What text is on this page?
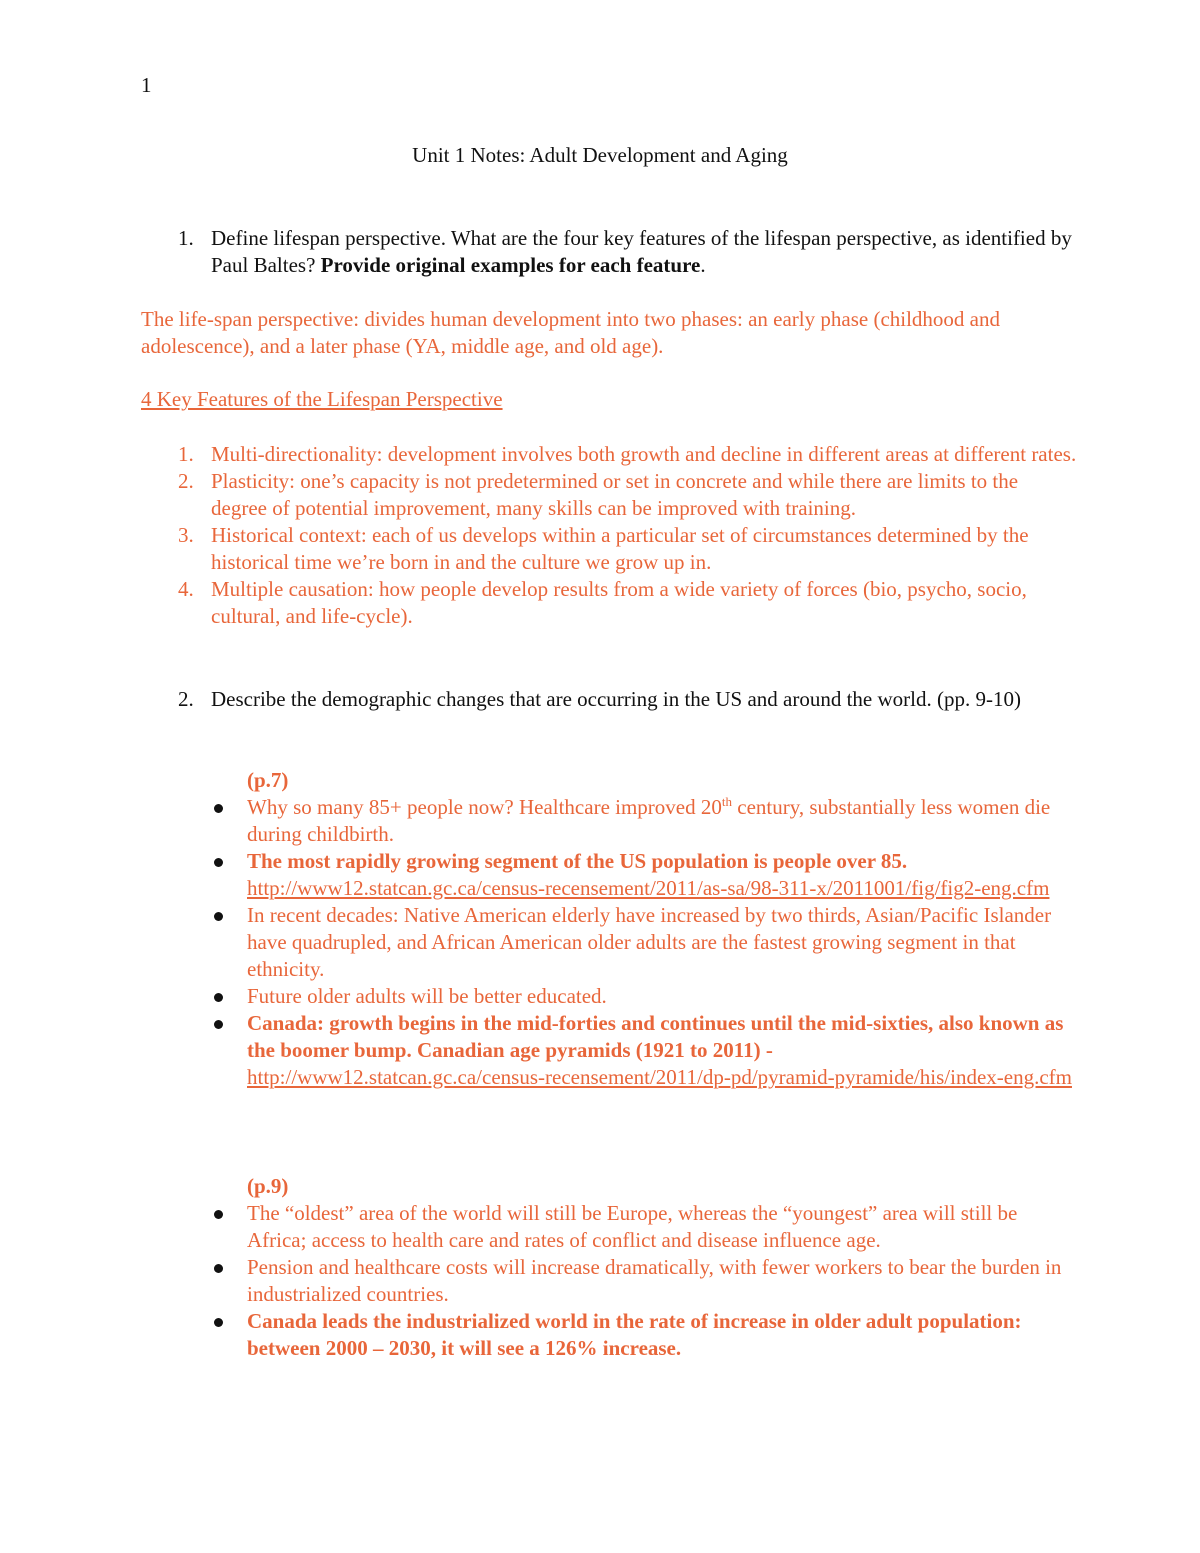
1
Unit 1 Notes: Adult Development and Aging
1. Define lifespan perspective. What are the four key features of the lifespan perspective, as identified by Paul Baltes? Provide original examples for each feature.
The life-span perspective: divides human development into two phases: an early phase (childhood and adolescence), and a later phase (YA, middle age, and old age).
4 Key Features of the Lifespan Perspective
1. Multi-directionality: development involves both growth and decline in different areas at different rates.
2. Plasticity: one’s capacity is not predetermined or set in concrete and while there are limits to the degree of potential improvement, many skills can be improved with training.
3. Historical context: each of us develops within a particular set of circumstances determined by the historical time we’re born in and the culture we grow up in.
4. Multiple causation: how people develop results from a wide variety of forces (bio, psycho, socio, cultural, and life-cycle).
2. Describe the demographic changes that are occurring in the US and around the world. (pp. 9-10)
(p.7)
Why so many 85+ people now? Healthcare improved 20th century, substantially less women die during childbirth.
The most rapidly growing segment of the US population is people over 85.
http://www12.statcan.gc.ca/census-recensement/2011/as-sa/98-311-x/2011001/fig/fig2-eng.cfm
In recent decades: Native American elderly have increased by two thirds, Asian/Pacific Islander have quadrupled, and African American older adults are the fastest growing segment in that ethnicity.
Future older adults will be better educated.
Canada: growth begins in the mid-forties and continues until the mid-sixties, also known as the boomer bump. Canadian age pyramids (1921 to 2011) -
http://www12.statcan.gc.ca/census-recensement/2011/dp-pd/pyramid-pyramide/his/index-eng.cfm
(p.9)
The “oldest” area of the world will still be Europe, whereas the “youngest” area will still be Africa; access to health care and rates of conflict and disease influence age.
Pension and healthcare costs will increase dramatically, with fewer workers to bear the burden in industrialized countries.
Canada leads the industrialized world in the rate of increase in older adult population: between 2000 – 2030, it will see a 126% increase.
